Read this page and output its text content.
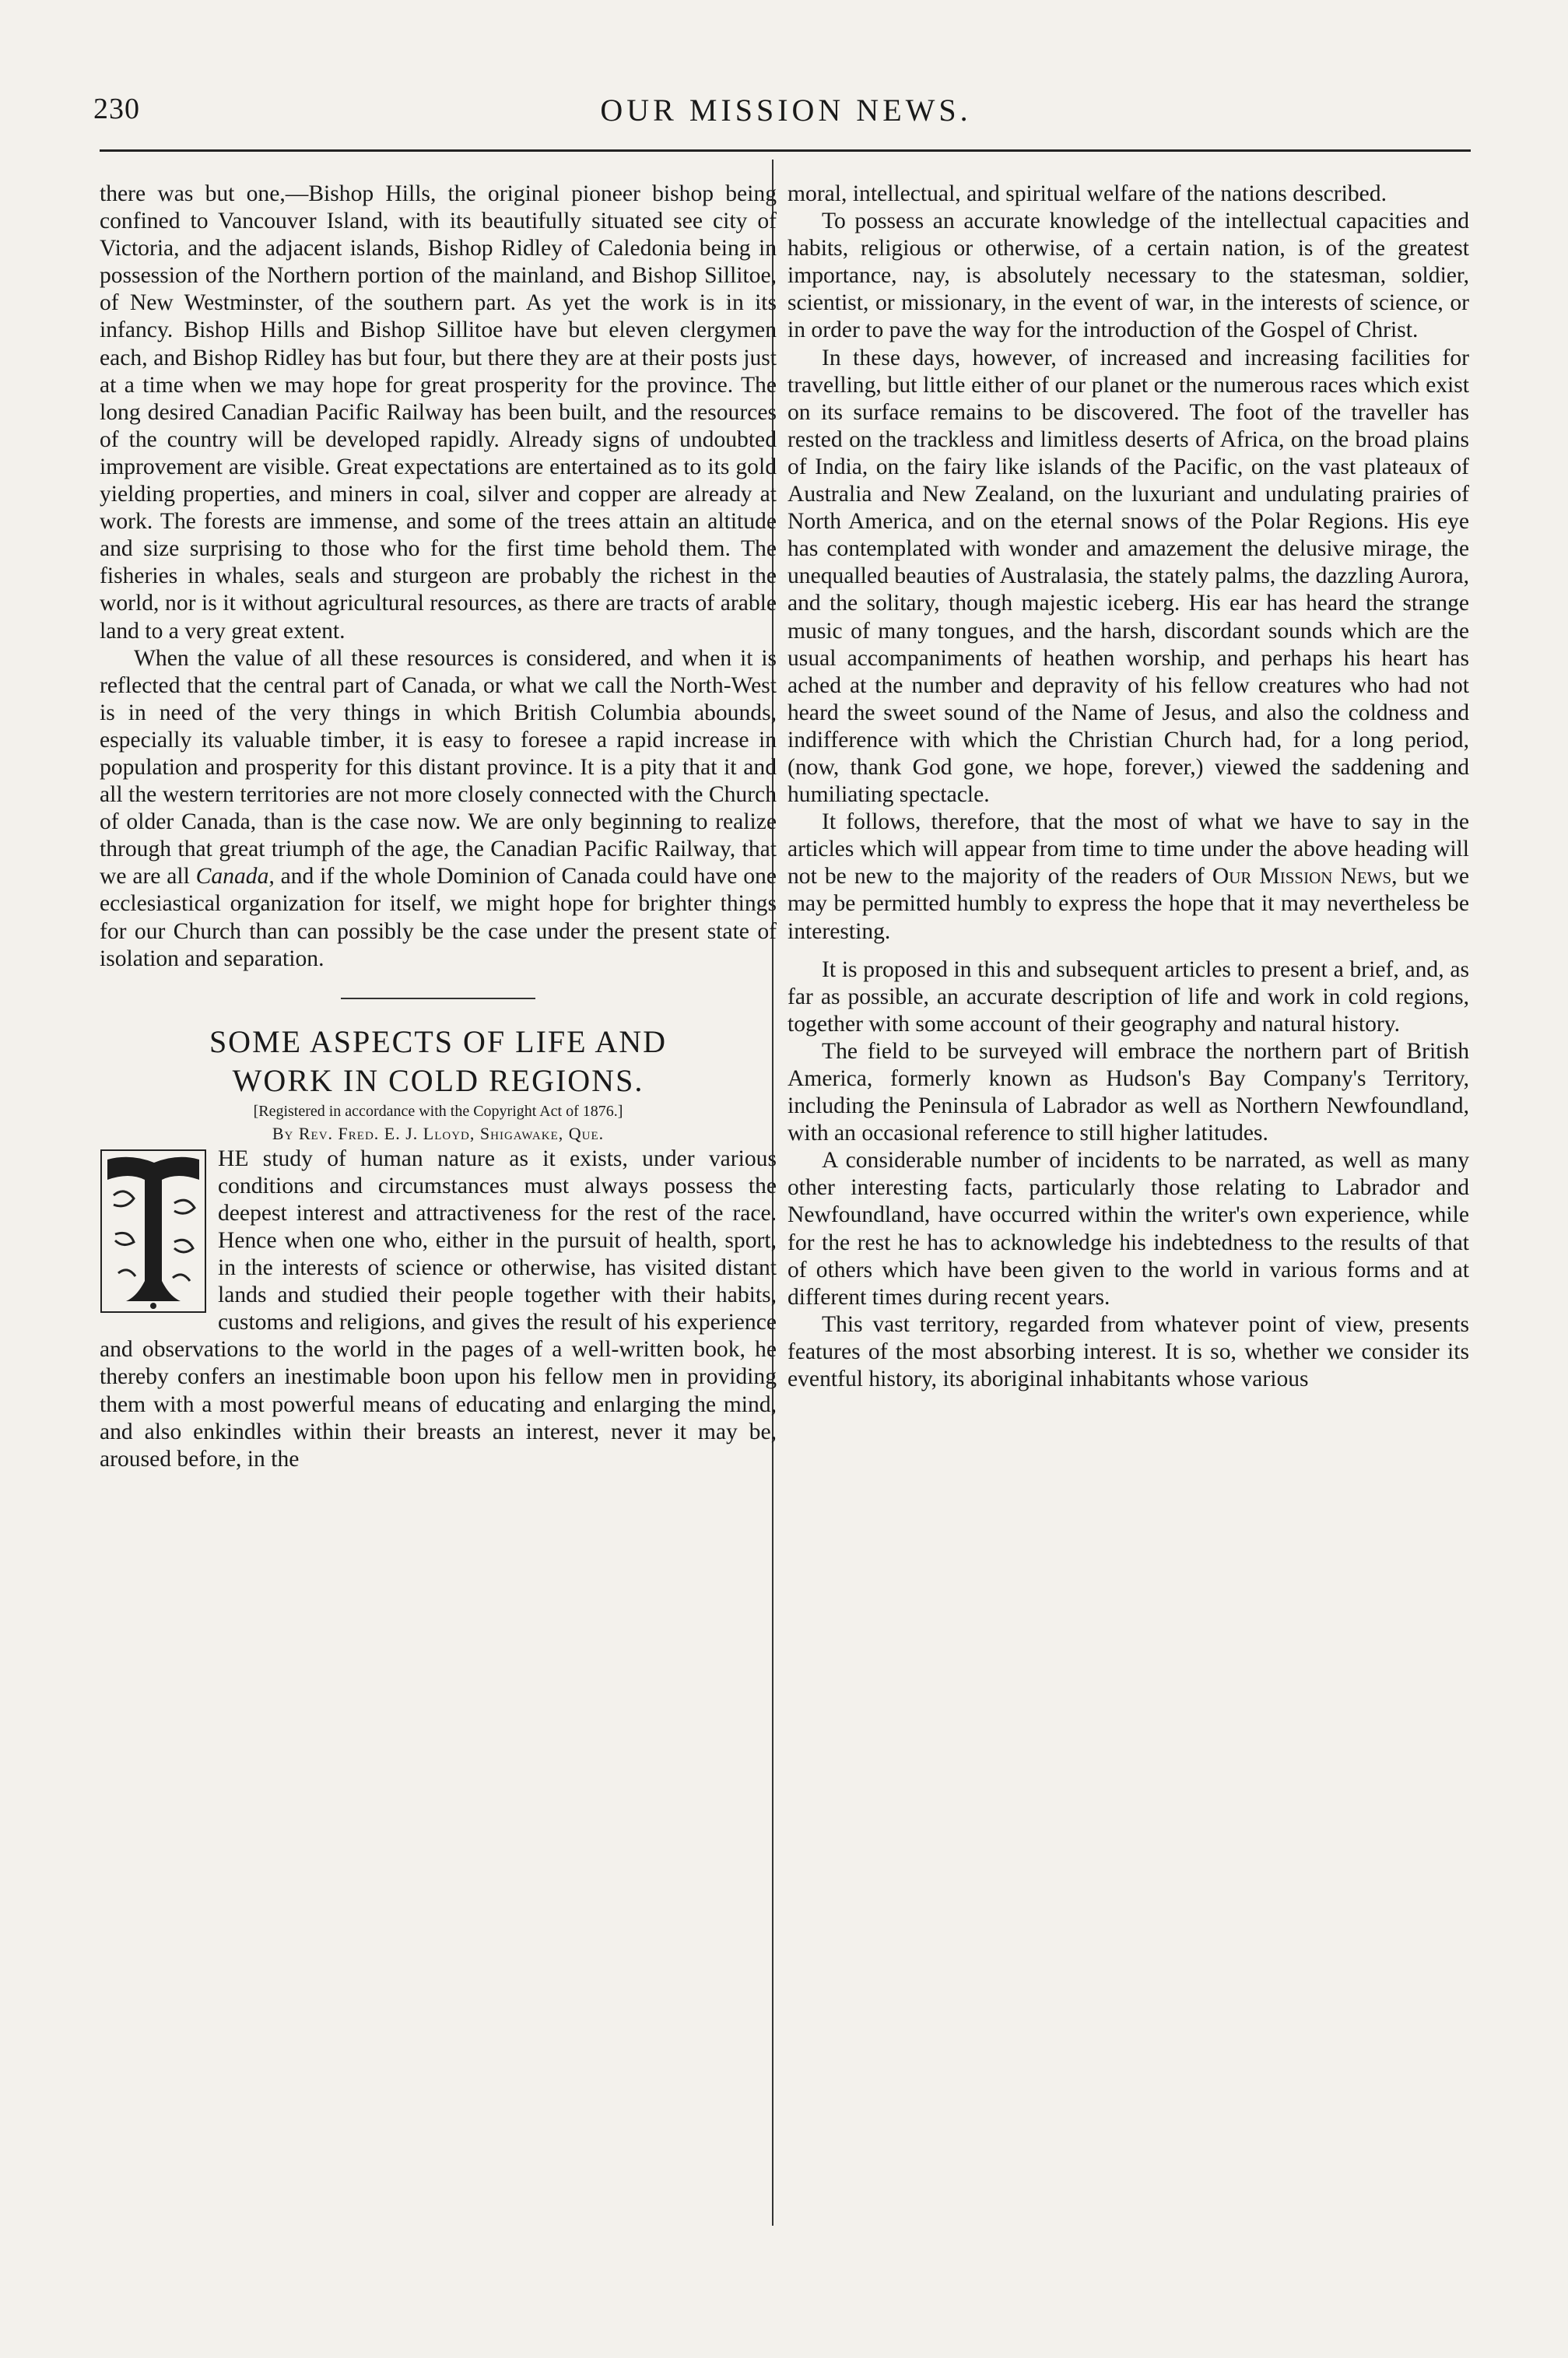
230	OUR MISSION NEWS.

there was but one,—Bishop Hills, the original pioneer bishop being confined to Vancouver Island, with its beautifully situated see city of Victoria, and the adjacent islands, Bishop Ridley of Caledonia being in possession of the Northern portion of the mainland, and Bishop Sillitoe, of New Westminster, of the southern part. As yet the work is in its infancy. Bishop Hills and Bishop Sillitoe have but eleven clergymen each, and Bishop Ridley has but four, but there they are at their posts just at a time when we may hope for great prosperity for the province. The long desired Canadian Pacific Railway has been built, and the resources of the country will be developed rapidly. Already signs of undoubted improvement are visible. Great expectations are entertained as to its gold yielding properties, and miners in coal, silver and copper are already at work. The forests are immense, and some of the trees attain an altitude and size surprising to those who for the first time behold them. The fisheries in whales, seals and sturgeon are probably the richest in the world, nor is it without agricultural resources, as there are tracts of arable land to a very great extent.

When the value of all these resources is considered, and when it is reflected that the central part of Canada, or what we call the North-West is in need of the very things in which British Columbia abounds, especially its valuable timber, it is easy to foresee a rapid increase in population and prosperity for this distant province. It is a pity that it and all the western territories are not more closely connected with the Church of older Canada, than is the case now. We are only beginning to realize through that great triumph of the age, the Canadian Pacific Railway, that we are all Canada, and if the whole Dominion of Canada could have one ecclesiastical organization for itself, we might hope for brighter things for our Church than can possibly be the case under the present state of isolation and separation.

SOME ASPECTS OF LIFE AND

WORK IN COLD REGIONS.

[Registered in accordance with the Copyright Act of 1876.]

By Rev. Fred. E. J. Lloyd, Shigawake, Que.

HE study of human nature as it exists, under various conditions and circumstances must always possess the deepest interest and attractiveness for the rest of the race. Hence when one who, either in the pursuit of health, sport, in the interests of science or otherwise, has visited distant lands and studied their people together with their habits, customs and religions, and gives the result of his experience and observations to the world in the pages of a well-written book, he thereby confers an inestimable boon upon his fellow men in providing them with a most powerful means of educating and enlarging the mind, and also enkindles within their breasts an interest, never it may be, aroused before, in the

moral, intellectual, and spiritual welfare of the nations described.

To possess an accurate knowledge of the intellectual capacities and habits, religious or otherwise, of a certain nation, is of the greatest importance, nay, is absolutely necessary to the statesman, soldier, scientist, or missionary, in the event of war, in the interests of science, or in order to pave the way for the introduction of the Gospel of Christ.

In these days, however, of increased and increasing facilities for travelling, but little either of our planet or the numerous races which exist on its surface remains to be discovered. The foot of the traveller has rested on the trackless and limitless deserts of Africa, on the broad plains of India, on the fairy like islands of the Pacific, on the vast plateaux of Australia and New Zealand, on the luxuriant and undulating prairies of North America, and on the eternal snows of the Polar Regions. His eye has contemplated with wonder and amazement the delusive mirage, the unequalled beauties of Australasia, the stately palms, the dazzling Aurora, and the solitary, though majestic iceberg. His ear has heard the strange music of many tongues, and the harsh, discordant sounds which are the usual accompaniments of heathen worship, and perhaps his heart has ached at the number and depravity of his fellow creatures who had not heard the sweet sound of the Name of Jesus, and also the coldness and indifference with which the Christian Church had, for a long period, (now, thank God gone, we hope, forever,) viewed the saddening and humiliating spectacle.

It follows, therefore, that the most of what we have to say in the articles which will appear from time to time under the above heading will not be new to the majority of the readers of Our Mission News, but we may be permitted humbly to express the hope that it may nevertheless be interesting.

It is proposed in this and subsequent articles to present a brief, and, as far as possible, an accurate description of life and work in cold regions, together with some account of their geography and natural history.

The field to be surveyed will embrace the northern part of British America, formerly known as Hudson's Bay Company's Territory, including the Peninsula of Labrador as well as Northern Newfoundland, with an occasional reference to still higher latitudes.

A considerable number of incidents to be narrated, as well as many other interesting facts, particularly those relating to Labrador and Newfoundland, have occurred within the writer's own experience, while for the rest he has to acknowledge his indebtedness to the results of that of others which have been given to the world in various forms and at different times during recent years.

This vast territory, regarded from whatever point of view, presents features of the most absorbing interest. It is so, whether we consider its eventful history, its aboriginal inhabitants whose various
